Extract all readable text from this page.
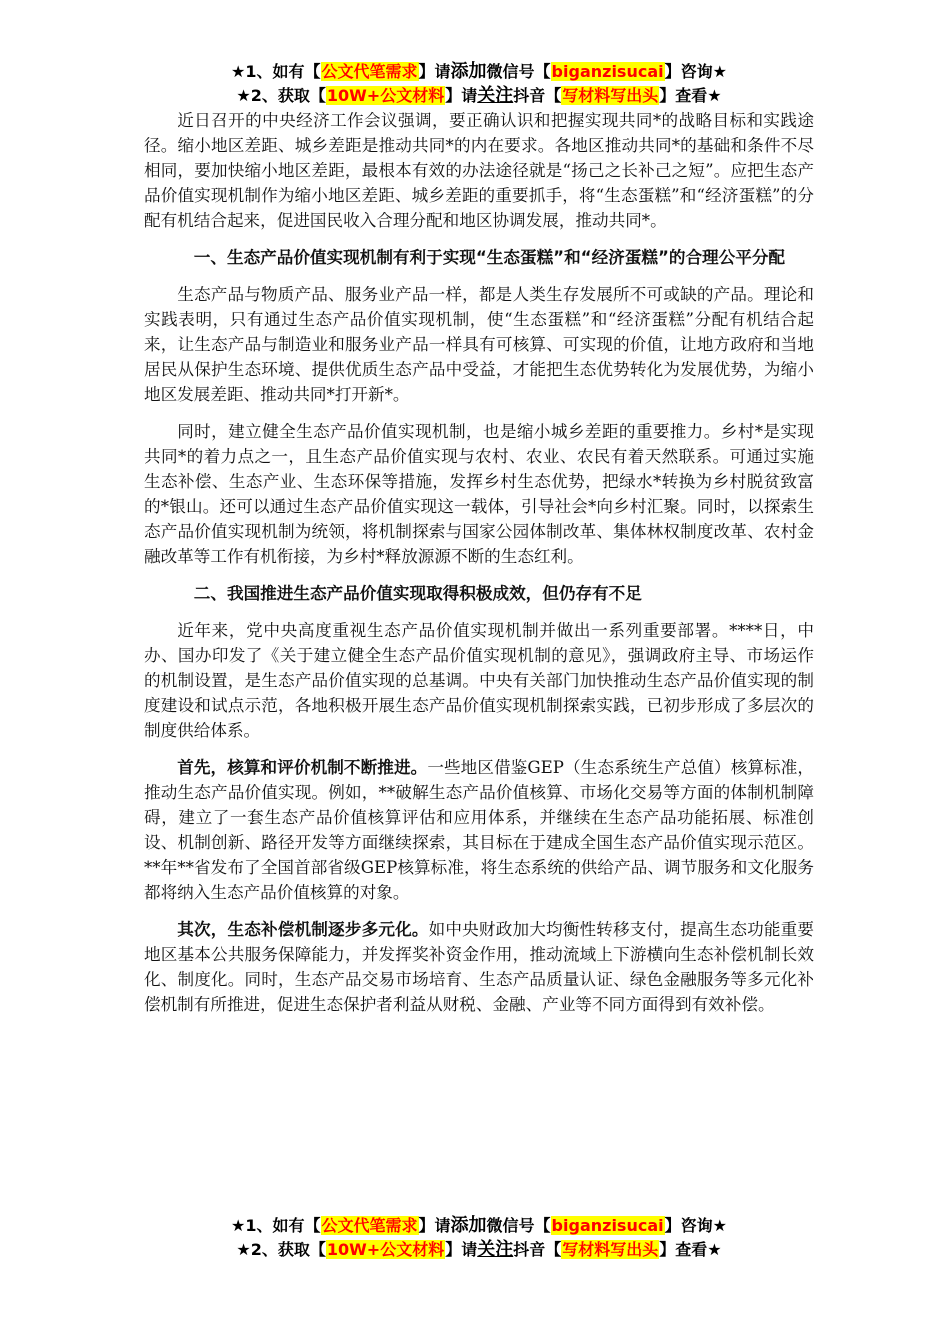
★1、如有【公文代笔需求】请添加微信号【biganzisucai】咨询★
★2、获取【10W+公文材料】请关注抖音【写材料写出头】查看★

近日召开的中央经济工作会议强调，要正确认识和把握实现共同*的战略目标和实践途径。缩小地区差距、城乡差距是推动共同*的内在要求。各地区推动共同*的基础和条件不尽相同，要加快缩小地区差距，最根本有效的办法途径就是“扬己之长补己之短”。应把生态产品价值实现机制作为缩小地区差距、城乡差距的重要抓手，将“生态蛋糕”和“经济蛋糕”的分配有机结合起来，促进国民收入合理分配和地区协调发展，推动共同*。

一、生态产品价值实现机制有利于实现“生态蛋糕”和“经济蛋糕”的合理公平分配

生态产品与物质产品、服务业产品一样，都是人类生存发展所不可或缺的产品。理论和实践表明，只有通过生态产品价值实现机制，使“生态蛋糕”和“经济蛋糕”分配有机结合起来，让生态产品与制造业和服务业产品一样具有可核算、可实现的价值，让地方政府和当地居民从保护生态环境、提供优质生态产品中受益，才能把生态优势转化为发展优势，为缩小地区发展差距、推动共同*打开新*。

同时，建立健全生态产品价值实现机制，也是缩小城乡差距的重要推力。乡村*是实现共同*的着力点之一，且生态产品价值实现与农村、农业、农民有着天然联系。可通过实施生态补偿、生态产业、生态环保等措施，发挥乡村生态优势，把绿水*转换为乡村脱贫致富的*银山。还可以通过生态产品价值实现这一载体，引导社会*向乡村汇聚。同时，以探索生态产品价值实现机制为统领，将机制探索与国家公园体制改革、集体林权制度改革、农村金融改革等工作有机衔接，为乡村*释放源源不断的生态红利。

二、我国推进生态产品价值实现取得积极成效，但仍存有不足

近年来，党中央高度重视生态产品价值实现机制并做出一系列重要部署。****日，中办、国办印发了《关于建立健全生态产品价值实现机制的意见》，强调政府主导、市场运作的机制设置，是生态产品价值实现的总基调。中央有关部门加快推动生态产品价值实现的制度建设和试点示范，各地积极开展生态产品价值实现机制探索实践，已初步形成了多层次的制度供给体系。

首先，核算和评价机制不断推进。一些地区借鉴GEP（生态系统生产总值）核算标准，推动生态产品价值实现。例如，**破解生态产品价值核算、市场化交易等方面的体制机制障碍，建立了一套生态产品价值核算评估和应用体系，并继续在生态产品功能拓展、标准创设、机制创新、路径开发等方面继续探索，其目标在于建成全国生态产品价值实现示范区。**年**省发布了全国首部省级GEP核算标准，将生态系统的供给产品、调节服务和文化服务都将纳入生态产品价值核算的对象。

其次，生态补偿机制逐步多元化。如中央财政加大均衡性转移支付，提高生态功能重要地区基本公共服务保障能力，并发挥奖补资金作用，推动流域上下游横向生态补偿机制长效化、制度化。同时，生态产品交易市场培育、生态产品质量认证、绿色金融服务等多元化补偿机制有所推进，促进生态保护者利益从财税、金融、产业等不同方面得到有效补偿。

★1、如有【公文代笔需求】请添加微信号【biganzisucai】咨询★
★2、获取【10W+公文材料】请关注抖音【写材料写出头】查看★
